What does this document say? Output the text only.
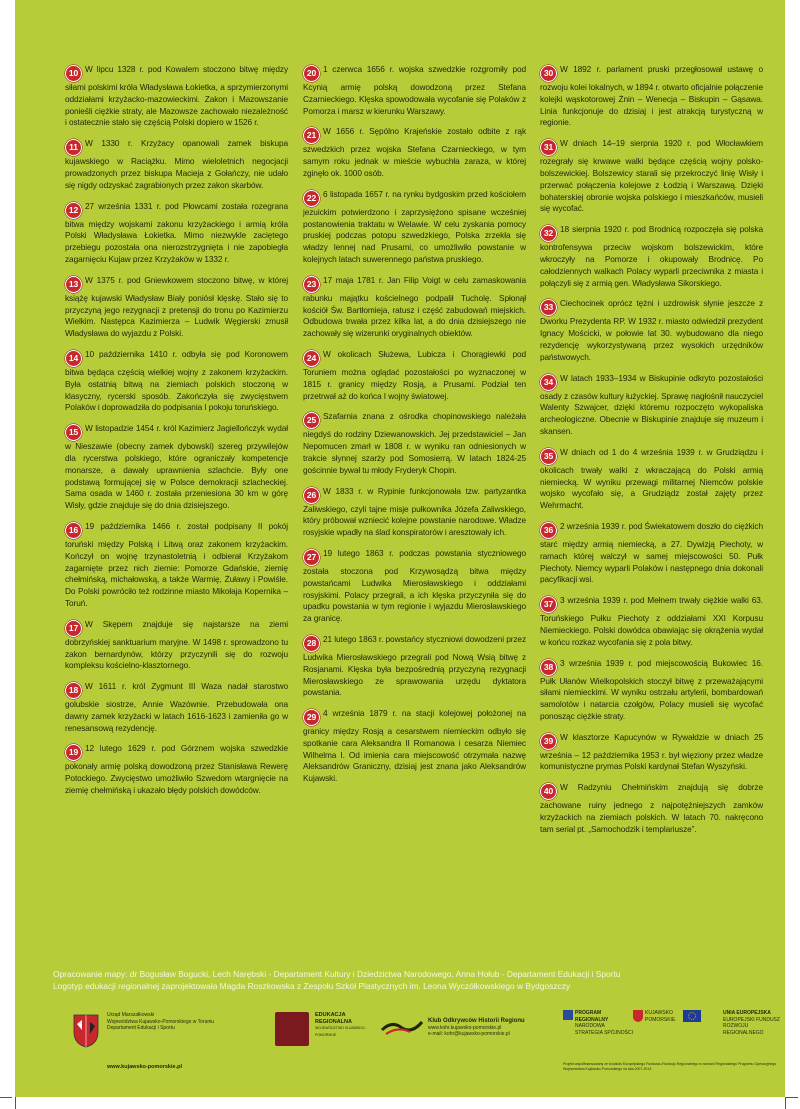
10 W lipcu 1328 r. pod Kowalem stoczono bitwę między siłami polskimi króla Władysława Łokietka, a sprzymierzonymi oddziałami krzyżacko-mazowieckimi. Zakon i Mazowszanie ponieśli ciężkie straty, ale Mazowsze zachowało niezależność i ostatecznie stało się częścią Polski dopiero w 1526 r.

11 W 1330 r. Krzyżacy opanowali zamek biskupa kujawskiego w Raciążku. Mimo wieloletnich negocjacji prowadzonych przez biskupa Macieja z Gołańczy, nie udało się nigdy odzyskać zagrabionych przez zakon skarbów.

12 27 września 1331 r. pod Płowcami została rozegrana bitwa między wojskami zakonu krzyżackiego i armią króla Polski Władysława Łokietka. Mimo niezwykle zaciętego przebiegu pozostała ona nierozstrzygnięta i nie zapobiegła zagarnięciu Kujaw przez Krzyżaków w 1332 r.

13 W 1375 r. pod Gniewkowem stoczono bitwę, w której książę kujawski Władysław Biały poniósł klęskę. Stało się to przyczyną jego rezygnacji z pretensji do tronu po Kazimierzu Wielkim. Następca Kazimierza – Ludwik Węgierski zmusił Władysława do wyjazdu z Polski.

14 10 października 1410 r. odbyła się pod Koronowem bitwa będąca częścią wielkiej wojny z zakonem krzyżackim. Była ostatnią bitwą na ziemiach polskich stoczoną w klasyczny, rycerski sposób. Zakończyła się zwycięstwem Polaków i doprowadziła do podpisania I pokoju toruńskiego.

15 W listopadzie 1454 r. król Kazimierz Jagiellończyk wydał w Nieszawie (obecny zamek dybowski) szereg przywilejów dla rycerstwa polskiego, które ograniczały kompetencje monarsze, a dawały uprawnienia szlachcie. Były one podstawą formującej się w Polsce demokracji szlacheckiej. Sama osada w 1460 r. została przeniesiona 30 km w górę Wisły, gdzie znajduje się do dnia dzisiejszego.

16 19 października 1466 r. został podpisany II pokój toruński między Polską i Litwą oraz zakonem krzyżackim. Kończył on wojnę trzynastoletnią i odbierał Krzyżakom zagarnięte przez nich ziemie: Pomorze Gdańskie, ziemię chełmińską, michałowską, a także Warmię, Żuławy i Powiśle. Do Polski powróciło też rodzinne miasto Mikołaja Kopernika – Toruń.

17 W Skępem znajduje się najstarsze na ziemi dobrzyńskiej sanktuarium maryjne. W 1498 r. sprowadzono tu zakon bernardynów, którzy przyczynili się do rozwoju kompleksu kościelno-klasztornego.

18 W 1611 r. król Zygmunt III Waza nadał starostwo golubskie siostrze, Annie Wazównie. Przebudowała ona dawny zamek krzyżacki w latach 1616-1623 i zamieniła go w renesansową rezydencję.

19 12 lutego 1629 r. pod Górznem wojska szwedzkie pokonały armię polską dowodzoną przez Stanisława Rewerę Potockiego. Zwycięstwo umożliwiło Szwedom wtargnięcie na ziemię chełmińską i ukazało błędy polskich dowódców.

20 1 czerwca 1656 r. wojska szwedzkie rozgromiły pod Kcynią armię polską dowodzoną przez Stefana Czarnieckiego. Klęska spowodowała wycofanie się Polaków z Pomorza i marsz w kierunku Warszawy.

21 W 1656 r. Sępólno Krajeńskie zostało odbite z rąk szwedzkich przez wojska Stefana Czarnieckiego, w tym samym roku jednak w mieście wybuchła zaraza, w której zginęło ok. 1000 osób.

22 6 listopada 1657 r. na rynku bydgoskim przed kościołem jezuickim potwierdzono i zaprzysiężono spisane wcześniej postanowienia traktatu w Welawie. W celu zyskania pomocy pruskiej podczas potopu szwedzkiego, Polska zrzekła się władzy lennej nad Prusami, co umożliwiło powstanie w kolejnych latach suwerennego państwa pruskiego.

23 17 maja 1781 r. Jan Filip Voigt w celu zamaskowania rabunku majątku kościelnego podpalił Tucholę. Spłonął kościół Św. Bartłomieja, ratusz i część zabudowań miejskich. Odbudowa trwała przez kilka lat, a do dnia dzisiejszego nie zachowały się wizerunki oryginalnych obiektów.

24 W okolicach Służewa, Lubicza i Chorągiewki pod Toruniem można oglądać pozostałości po wyznaczonej w 1815 r. granicy między Rosją, a Prusami. Podział ten przetrwał aż do końca I wojny światowej.

25 Szafarnia znana z ośrodka chopinowskiego należała niegdyś do rodziny Dziewanowskich. Jej przedstawiciel – Jan Nepomucen zmarł w 1808 r. w wyniku ran odniesionych w trakcie słynnej szarży pod Somosierrą. W latach 1824-25 gościnnie bywał tu młody Fryderyk Chopin.

26 W 1833 r. w Rypinie funkcjonowała tzw. partyzantka Zaliwskiego, czyli tajne misje pułkownika Józefa Zaliwskiego, który próbował wzniecić kolejne powstanie narodowe. Władze rosyjskie wpadły na ślad konspiratorów i aresztowały ich.

27 19 lutego 1863 r. podczas powstania styczniowego została stoczona pod Krzywosądzą bitwa między powstańcami Ludwika Mierosławskiego i oddziałami rosyjskimi. Polacy przegrali, a ich klęska przyczyniła się do upadku powstania w tym regionie i wyjazdu Mierosławskiego za granicę.

28 21 lutego 1863 r. powstańcy styczniowi dowodzeni przez Ludwika Mierosławskiego przegrali pod Nową Wsią bitwę z Rosjanami. Klęska była bezpośrednią przyczyną rezygnacji Mierosławskiego ze sprawowania urzędu dyktatora powstania.

29 4 września 1879 r. na stacji kolejowej położonej na granicy między Rosją a cesarstwem niemieckim odbyło się spotkanie cara Aleksandra II Romanowa i cesarza Niemiec Wilhelma I. Od imienia cara miejscowość otrzymała nazwę Aleksandrów Graniczny, dzisiaj jest znana jako Aleksandrów Kujawski.

30 W 1892 r. parlament pruski przegłosował ustawę o rozwoju kolei lokalnych, w 1894 r. otwarto oficjalnie połączenie kolejki wąskotorowej Żnin – Wenecja – Biskupin – Gąsawa. Linia funkcjonuje do dzisiaj i jest atrakcją turystyczną w regionie.

31 W dniach 14–19 sierpnia 1920 r. pod Włocławkiem rozegrały się krwawe walki będące częścią wojny polsko-bolszewickiej. Bolszewicy starali się przekroczyć linię Wisły i przerwać połączenia kolejowe z Łodzią i Warszawą. Dzięki bohaterskiej obronie wojska polskiego i mieszkańców, musieli się wycofać.

32 18 sierpnia 1920 r. pod Brodnicą rozpoczęła się polska kontrofensywa przeciw wojskom bolszewickim, które wkroczyły na Pomorze i okupowały Brodnicę. Po całodziennych walkach Polacy wyparli przeciwnika z miasta i połączyli się z armią gen. Władysława Sikorskiego.

33 Ciechocinek oprócz tężni i uzdrowisk słynie jeszcze z Dworku Prezydenta RP. W 1932 r. miasto odwiedził prezydent Ignacy Mościcki, w połowie lat 30. wybudowano dla niego rezydencję wykorzystywaną przez wysokich urzędników państwowych.

34 W latach 1933–1934 w Biskupinie odkryto pozostałości osady z czasów kultury łużyckiej. Sprawę nagłośnił nauczyciel Walenty Szwajcer, dzięki któremu rozpoczęto wykopaliska archeologiczne. Obecnie w Biskupinie znajduje się muzeum i skansen.

35 W dniach od 1 do 4 września 1939 r. w Grudziądzu i okolicach trwały walki z wkraczającą do Polski armią niemiecką. W wyniku przewagi militarnej Niemców polskie wojsko wycofało się, a Grudziądz został zajęty przez Wehrmacht.

36 2 września 1939 r. pod Świekatowem doszło do ciężkich starć między armią niemiecką, a 27. Dywizją Piechoty, w ramach której walczył w samej miejscowości 50. Pułk Piechoty. Niemcy wyparli Polaków i następnego dnia dokonali pacyfikacji wsi.

37 3 września 1939 r. pod Mełnem trwały ciężkie walki 63. Toruńskiego Pułku Piechoty z oddziałami XXI Korpusu Niemieckiego. Polski dowódca obawiając się okrążenia wydał w końcu rozkaz wycofania się z pola bitwy.

38 3 września 1939 r. pod miejscowością Bukowiec 16. Pułk Ułanów Wielkopolskich stoczył bitwę z przeważającymi siłami niemieckimi. W wyniku ostrzału artylerii, bombardowań samolotów i natarcia czołgów, Polacy musieli się wycofać ponosząc ciężkie straty.

39 W klasztorze Kapucynów w Rywałdzie w dniach 25 września – 12 października 1953 r. był więziony przez władze komunistyczne prymas Polski kardynał Stefan Wyszyński.

40 W Radzyniu Chełmińskim znajdują się dobrze zachowane ruiny jednego z najpotężniejszych zamków krzyżackich na ziemiach polskich. W latach 70. nakręcono tam serial pt. „Samochodzik i templariusze”.

Opracowanie mapy: dr Bogusław Bogucki, Lech Narębski - Departament Kultury i Dziedzictwa Narodowego, Anna Hołub - Departament Edukacji i Sportu
Logotyp edukacji regionalnej zaprojektowała Magda Roszkowska z Zespołu Szkół Plastycznych im. Leona Wyczółkowskiego w Bydgoszczy
Urząd Marszałkowski
Województwa Kujawsko-Pomorskiego w Toruniu
Departament Edukacji i Sportu
www.kujawsko-pomorskie.pl
EDUKACJA
REGIONALNA
WOJEWÓDZTWO KUJAWSKO-POMORSKIE
Klub Odkrywców Historii Regionu
www.kohr.kujawsko-pomorskie.pl
e-mail: kohr@kujawsko-pomorskie.pl
PROGRAM REGIONALNY
NARODOWA STRATEGIA SPÓJNOŚCI
KUJAWSKO POMORSKIE
UNIA EUROPEJSKA
EUROPEJSKI FUNDUSZ ROZWOJU REGIONALNEGO
Projekt współfinansowany ze środków Europejskiego Funduszu Rozwoju Regionalnego w ramach Regionalnego Programu Operacyjnego Województwa Kujawsko-Pomorskiego na lata 2007-2013
